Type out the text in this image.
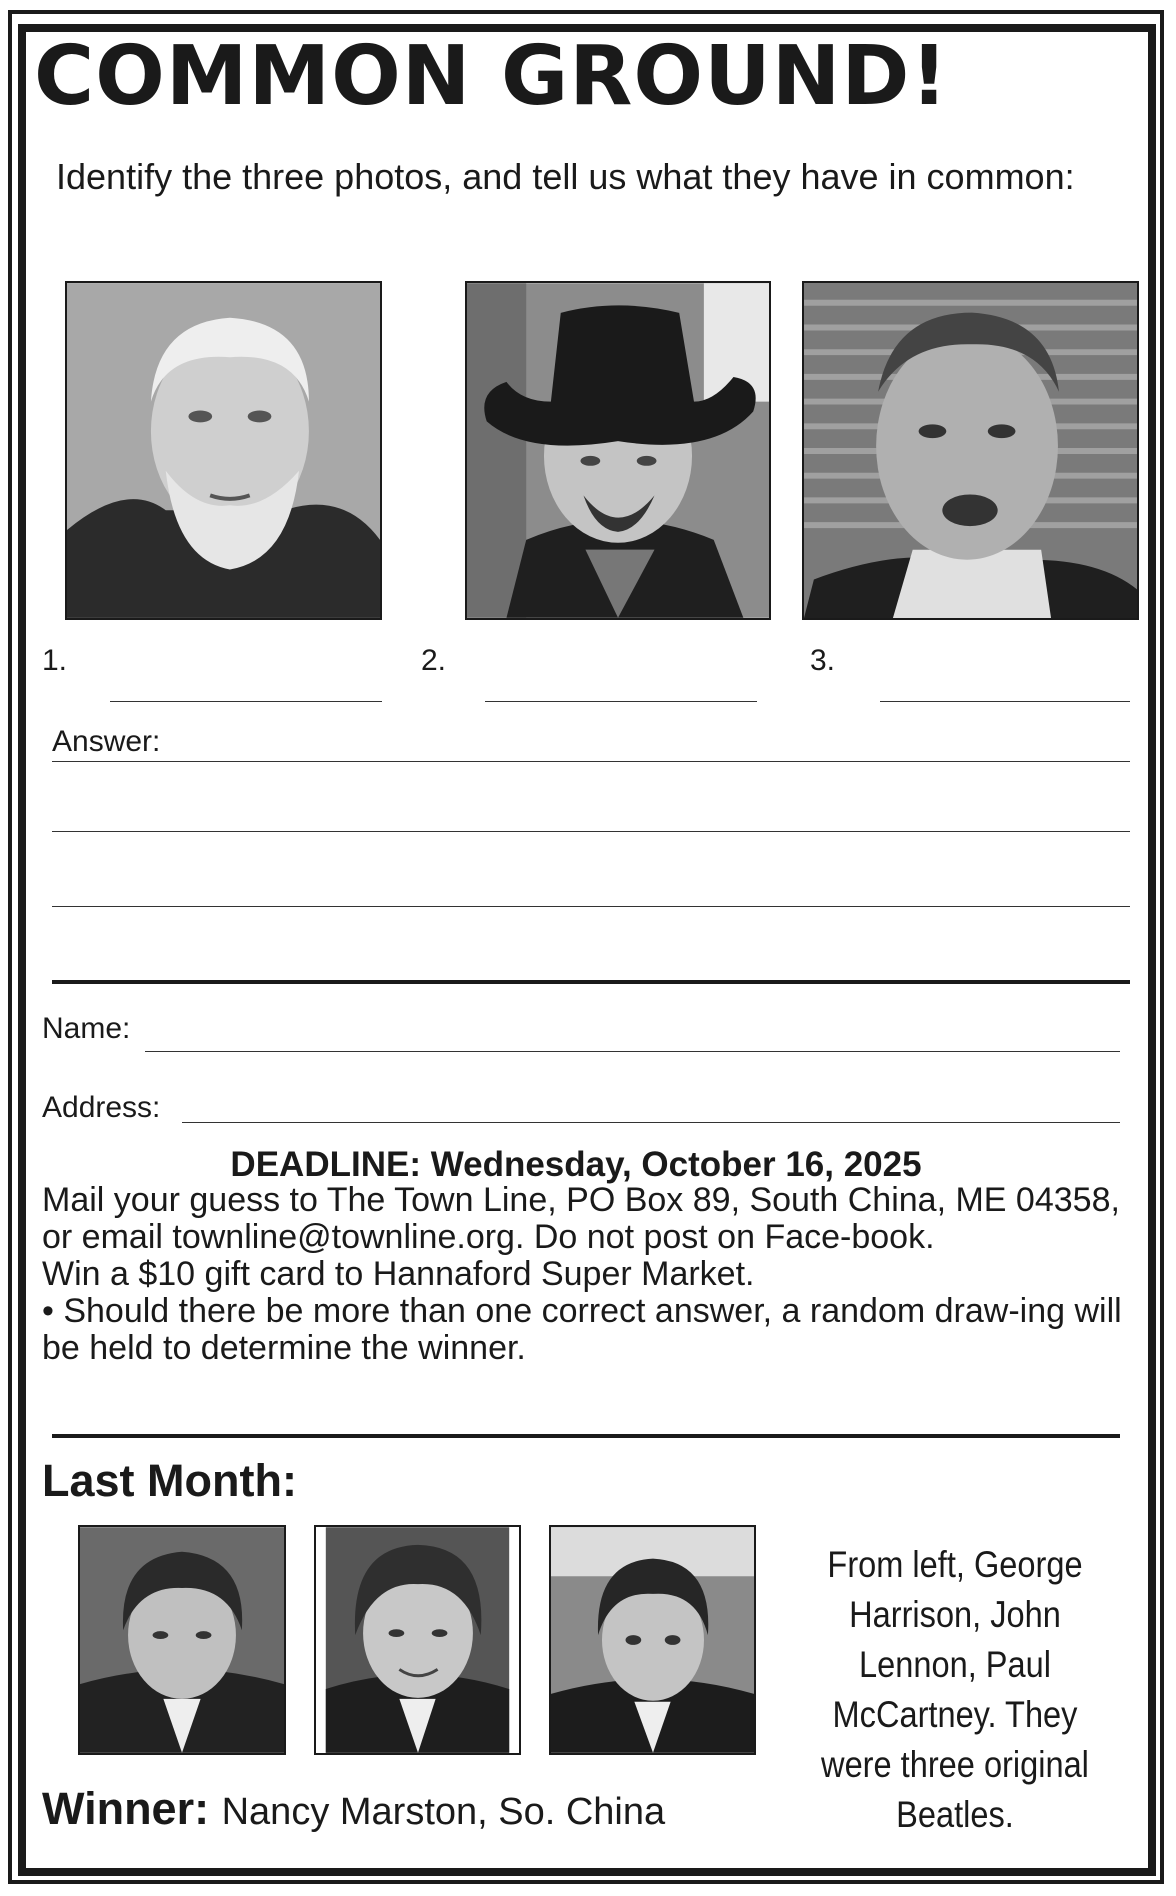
COMMON GROUND!
Identify the three photos, and tell us what they have in common:
1.	2.	3.
Answer:
Name:
Address:
DEADLINE: Wednesday, October 16, 2025

Mail your guess to The Town Line, PO Box 89, South China, ME 04358, or email townline@townline.org. Do not post on Face-book.

Win a $10 gift card to Hannaford Super Market.

• Should there be more than one correct answer, a random draw-ing will be held to determine the winner.

Last Month:
From left, George Harrison, John Lennon, Paul McCartney. They were three original Beatles.
Winner: Nancy Marston, So. China
